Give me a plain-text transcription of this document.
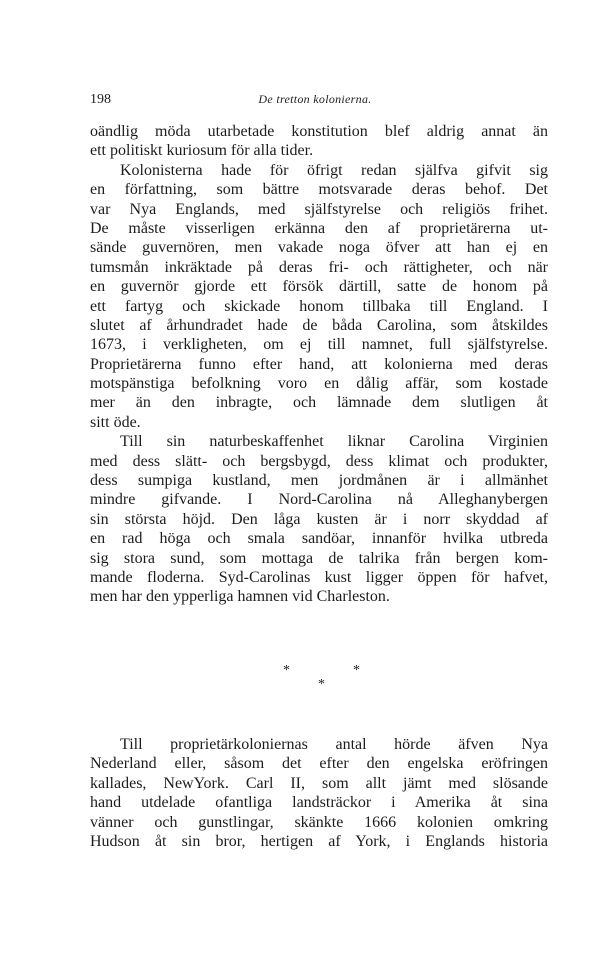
198	De tretton kolonierna.
oändlig möda utarbetade konstitution blef aldrig annat än
ett politiskt kuriosum för alla tider.
Kolonisterna hade för öfrigt redan själfva gifvit sig
en författning, som bättre motsvarade deras behof. Det
var Nya Englands, med själfstyrelse och religiös frihet.
De måste visserligen erkänna den af proprietärerna ut-
sände guvernören, men vakade noga öfver att han ej en
tumsmån inkräktade på deras fri- och rättigheter, och när
en guvernör gjorde ett försök därtill, satte de honom på
ett fartyg och skickade honom tillbaka till England. I
slutet af århundradet hade de båda Carolina, som åtskildes
1673, i verkligheten, om ej till namnet, full själfstyrelse.
Proprietärerna funno efter hand, att kolonierna med deras
motspänstiga befolkning voro en dålig affär, som kostade
mer än den inbragte, och lämnade dem slutligen åt
sitt öde.
Till sin naturbeskaffenhet liknar Carolina Virginien
med dess slätt- och bergsbygd, dess klimat och produkter,
dess sumpiga kustland, men jordmånen är i allmänhet
mindre gifvande. I Nord-Carolina nå Alleghanybergen
sin största höjd. Den låga kusten är i norr skyddad af
en rad höga och smala sandöar, innanför hvilka utbreda
sig stora sund, som mottaga de talrika från bergen kom-
mande floderna. Syd-Carolinas kust ligger öppen för hafvet,
men har den ypperliga hamnen vid Charleston.
*	*
*
Till proprietärkoloniernas antal hörde äfven Nya
Nederland eller, såsom det efter den engelska eröfringen
kallades, NewYork. Carl II, som allt jämt med slösande
hand utdelade ofantliga landsträckor i Amerika åt sina
vänner och gunstlingar, skänkte 1666 kolonien omkring
Hudson åt sin bror, hertigen af York, i Englands historia
